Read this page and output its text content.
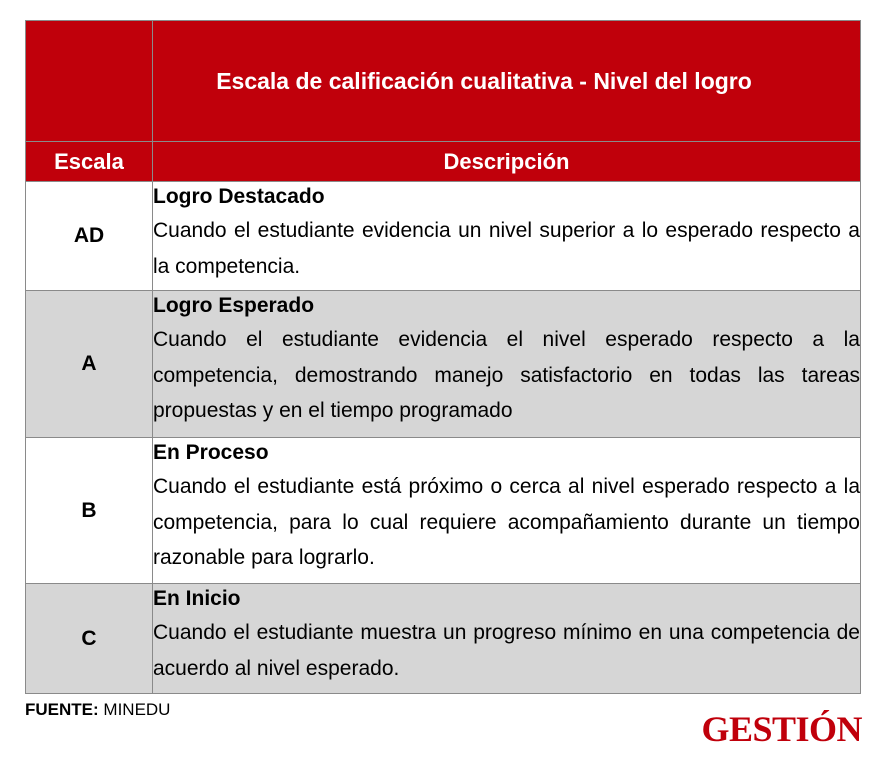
	Escala de calificación cualitativa - Nivel del logro
Escala	Descripción
AD	Logro Destacado
Cuando el estudiante evidencia un nivel superior a lo esperado respecto a la competencia.

A	Logro Esperado
Cuando el estudiante evidencia el nivel esperado respecto a la competencia, demostrando manejo satisfactorio en todas las tareas propuestas y en el tiempo programado

B	En Proceso
Cuando el estudiante está próximo o cerca al nivel esperado respecto a la competencia, para lo cual requiere acompañamiento durante un tiempo razonable para lograrlo.

C	En Inicio
Cuando el estudiante muestra un progreso mínimo en una competencia de acuerdo al nivel esperado.
FUENTE: MINEDU	GESTIÓN
